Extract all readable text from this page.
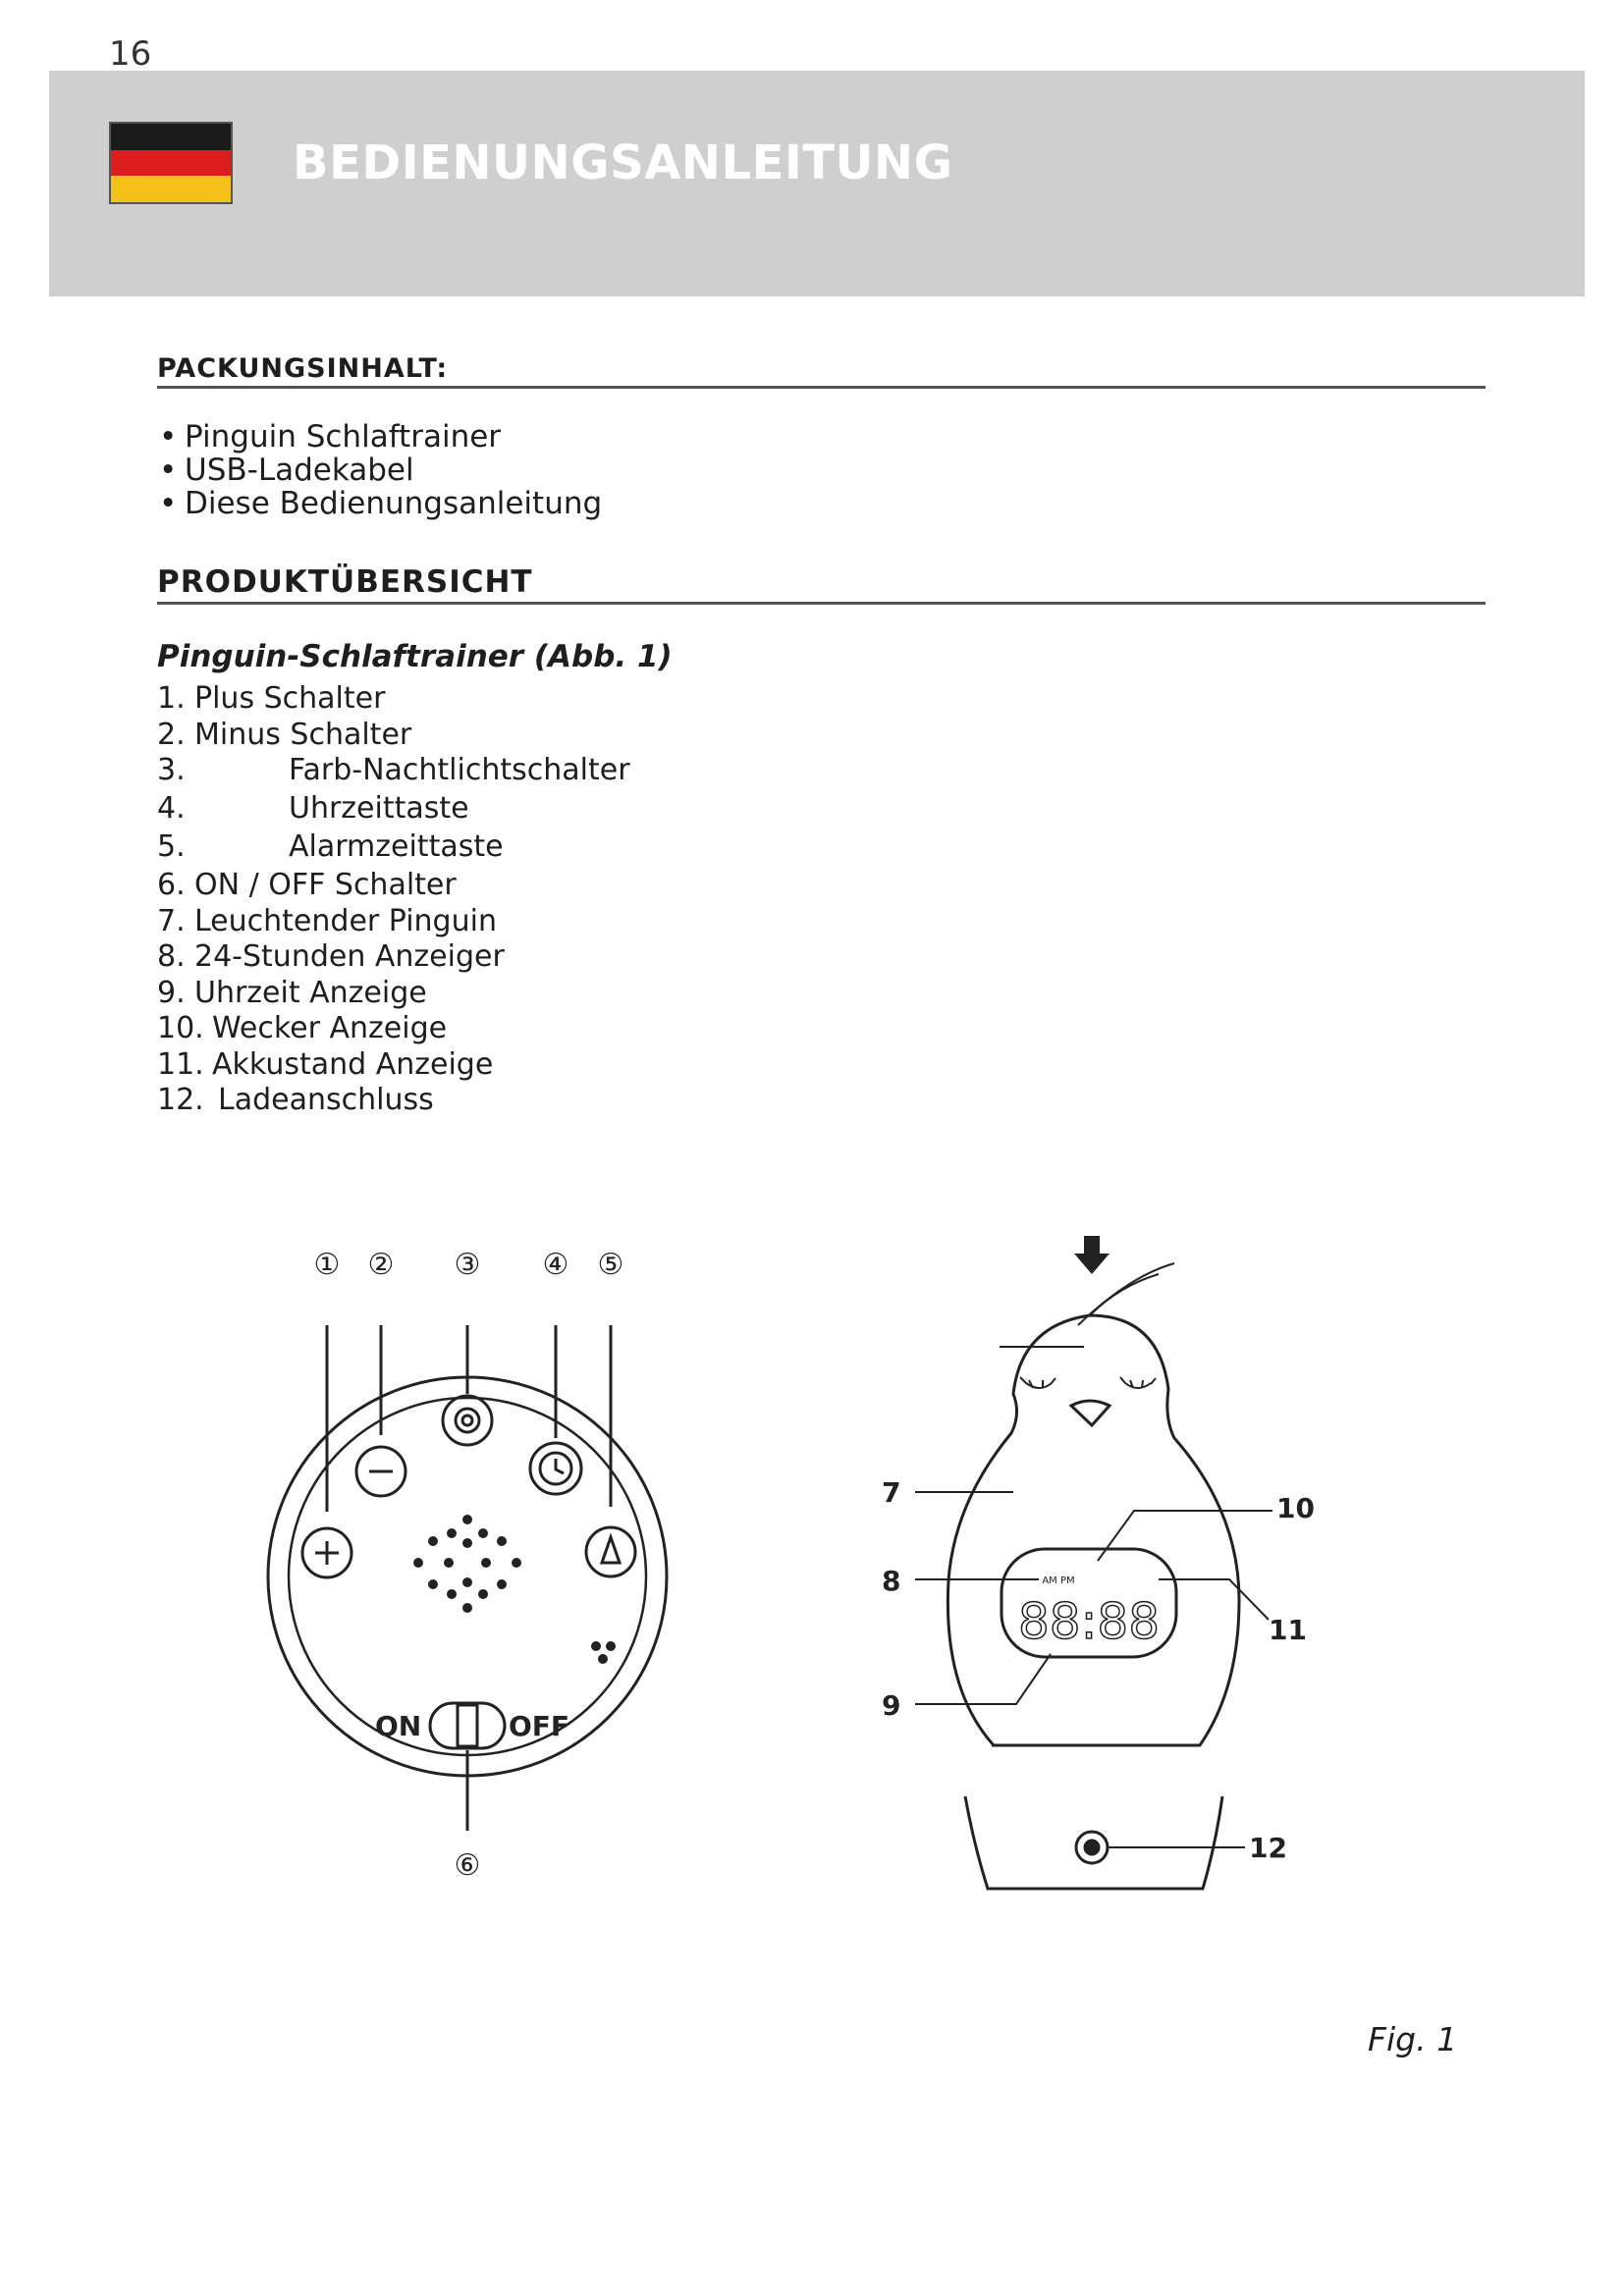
16
BEDIENUNGSANLEITUNG
PACKUNGSINHALT:
• Pinguin Schlaftrainer
• USB-Ladekabel
• Diese Bedienungsanleitung
PRODUKTÜBERSICHT
Pinguin-Schlaftrainer (Abb. 1)
1. Plus Schalter
2. Minus Schalter
3.	Farb-Nachtlichtschalter
4.	Uhrzeittaste
5.	Alarmzeittaste
6. ON / OFF Schalter
7. Leuchtender Pinguin
8. 24-Stunden Anzeiger
9. Uhrzeit Anzeige
10. Wecker Anzeige
11. Akkustand Anzeige
12. Ladeanschluss
① ② ③ ④ ⑤
⑥
ON	OFF
7
8
9
10
11
12
88:88
AM PM
Fig. 1
